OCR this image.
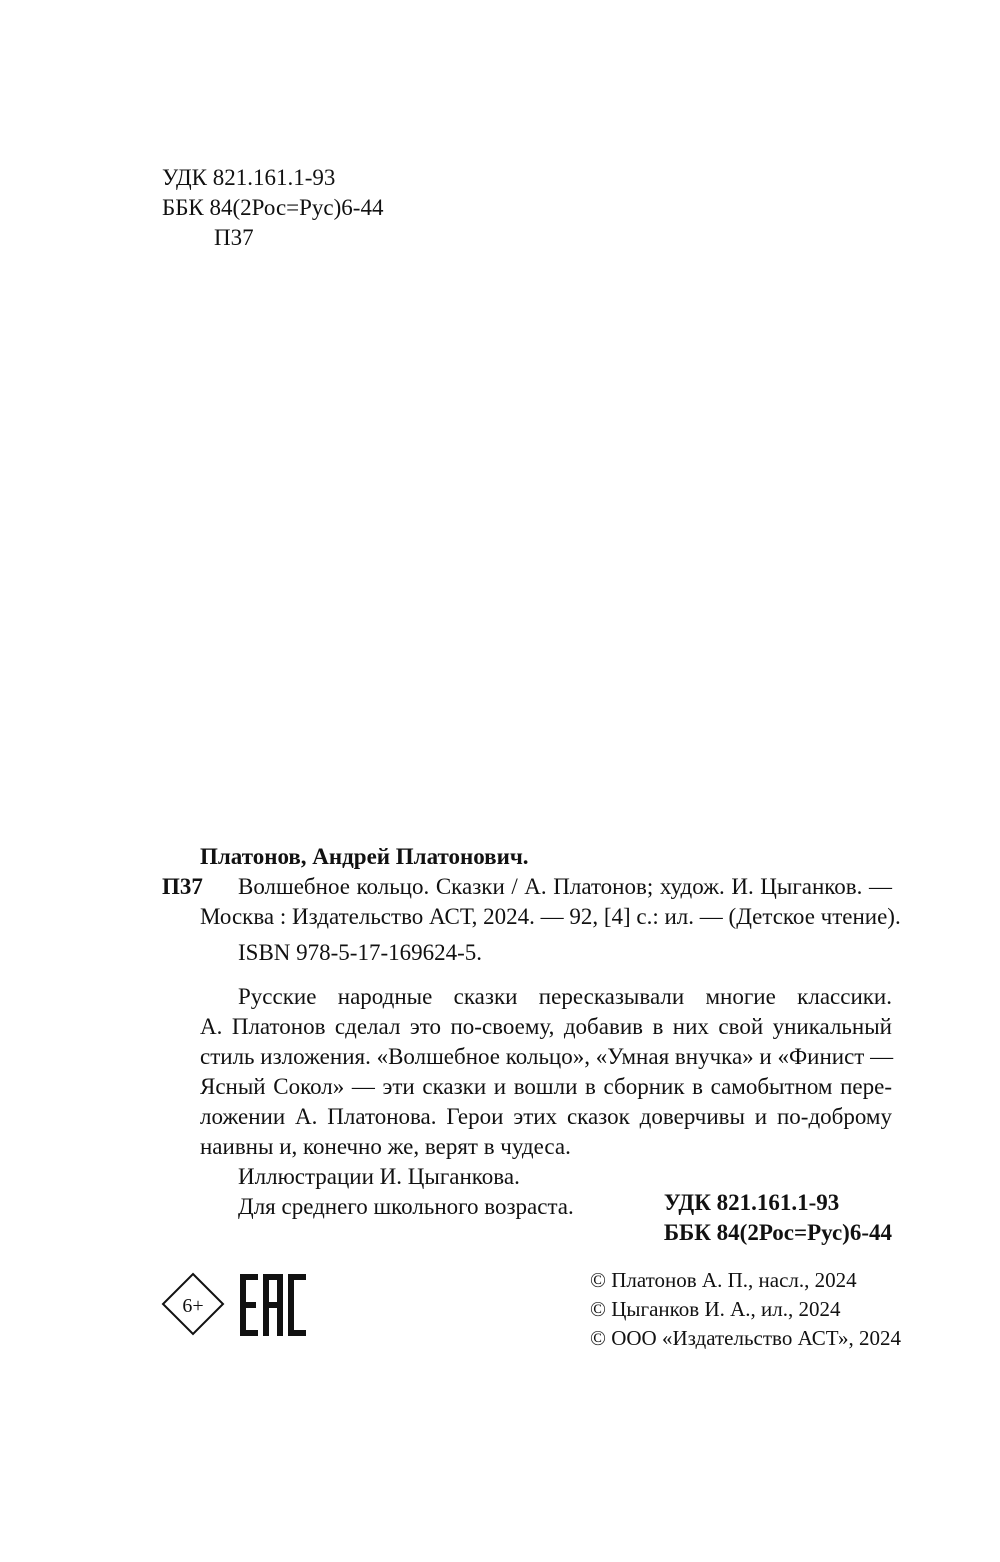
УДК 821.161.1-93
ББК 84(2Рос=Рус)6-44
П37
Платонов, Андрей Платонович.
П37	Волшебное кольцо. Сказки / А. Платонов; худож. И. Цыганков. —
Москва : Издательство АСТ, 2024. — 92, [4] с.: ил. — (Детское чтение).
ISBN 978-5-17-169624-5.
Русские народные сказки пересказывали многие классики.
А. Платонов сделал это по-своему, добавив в них свой уникальный
стиль изложения. «Волшебное кольцо», «Умная внучка» и «Финист —
Ясный Сокол» — эти сказки и вошли в сборник в самобытном пере-
ложении А. Платонова. Герои этих сказок доверчивы и по-доброму
наивны и, конечно же, верят в чудеса.
Иллюстрации И. Цыганкова.
Для среднего школьного возраста.	УДК 821.161.1-93
ББК 84(2Рос=Рус)6-44
6+
© Платонов А. П., насл., 2024
© Цыганков И. А., ил., 2024
© ООО «Издательство АСТ», 2024
